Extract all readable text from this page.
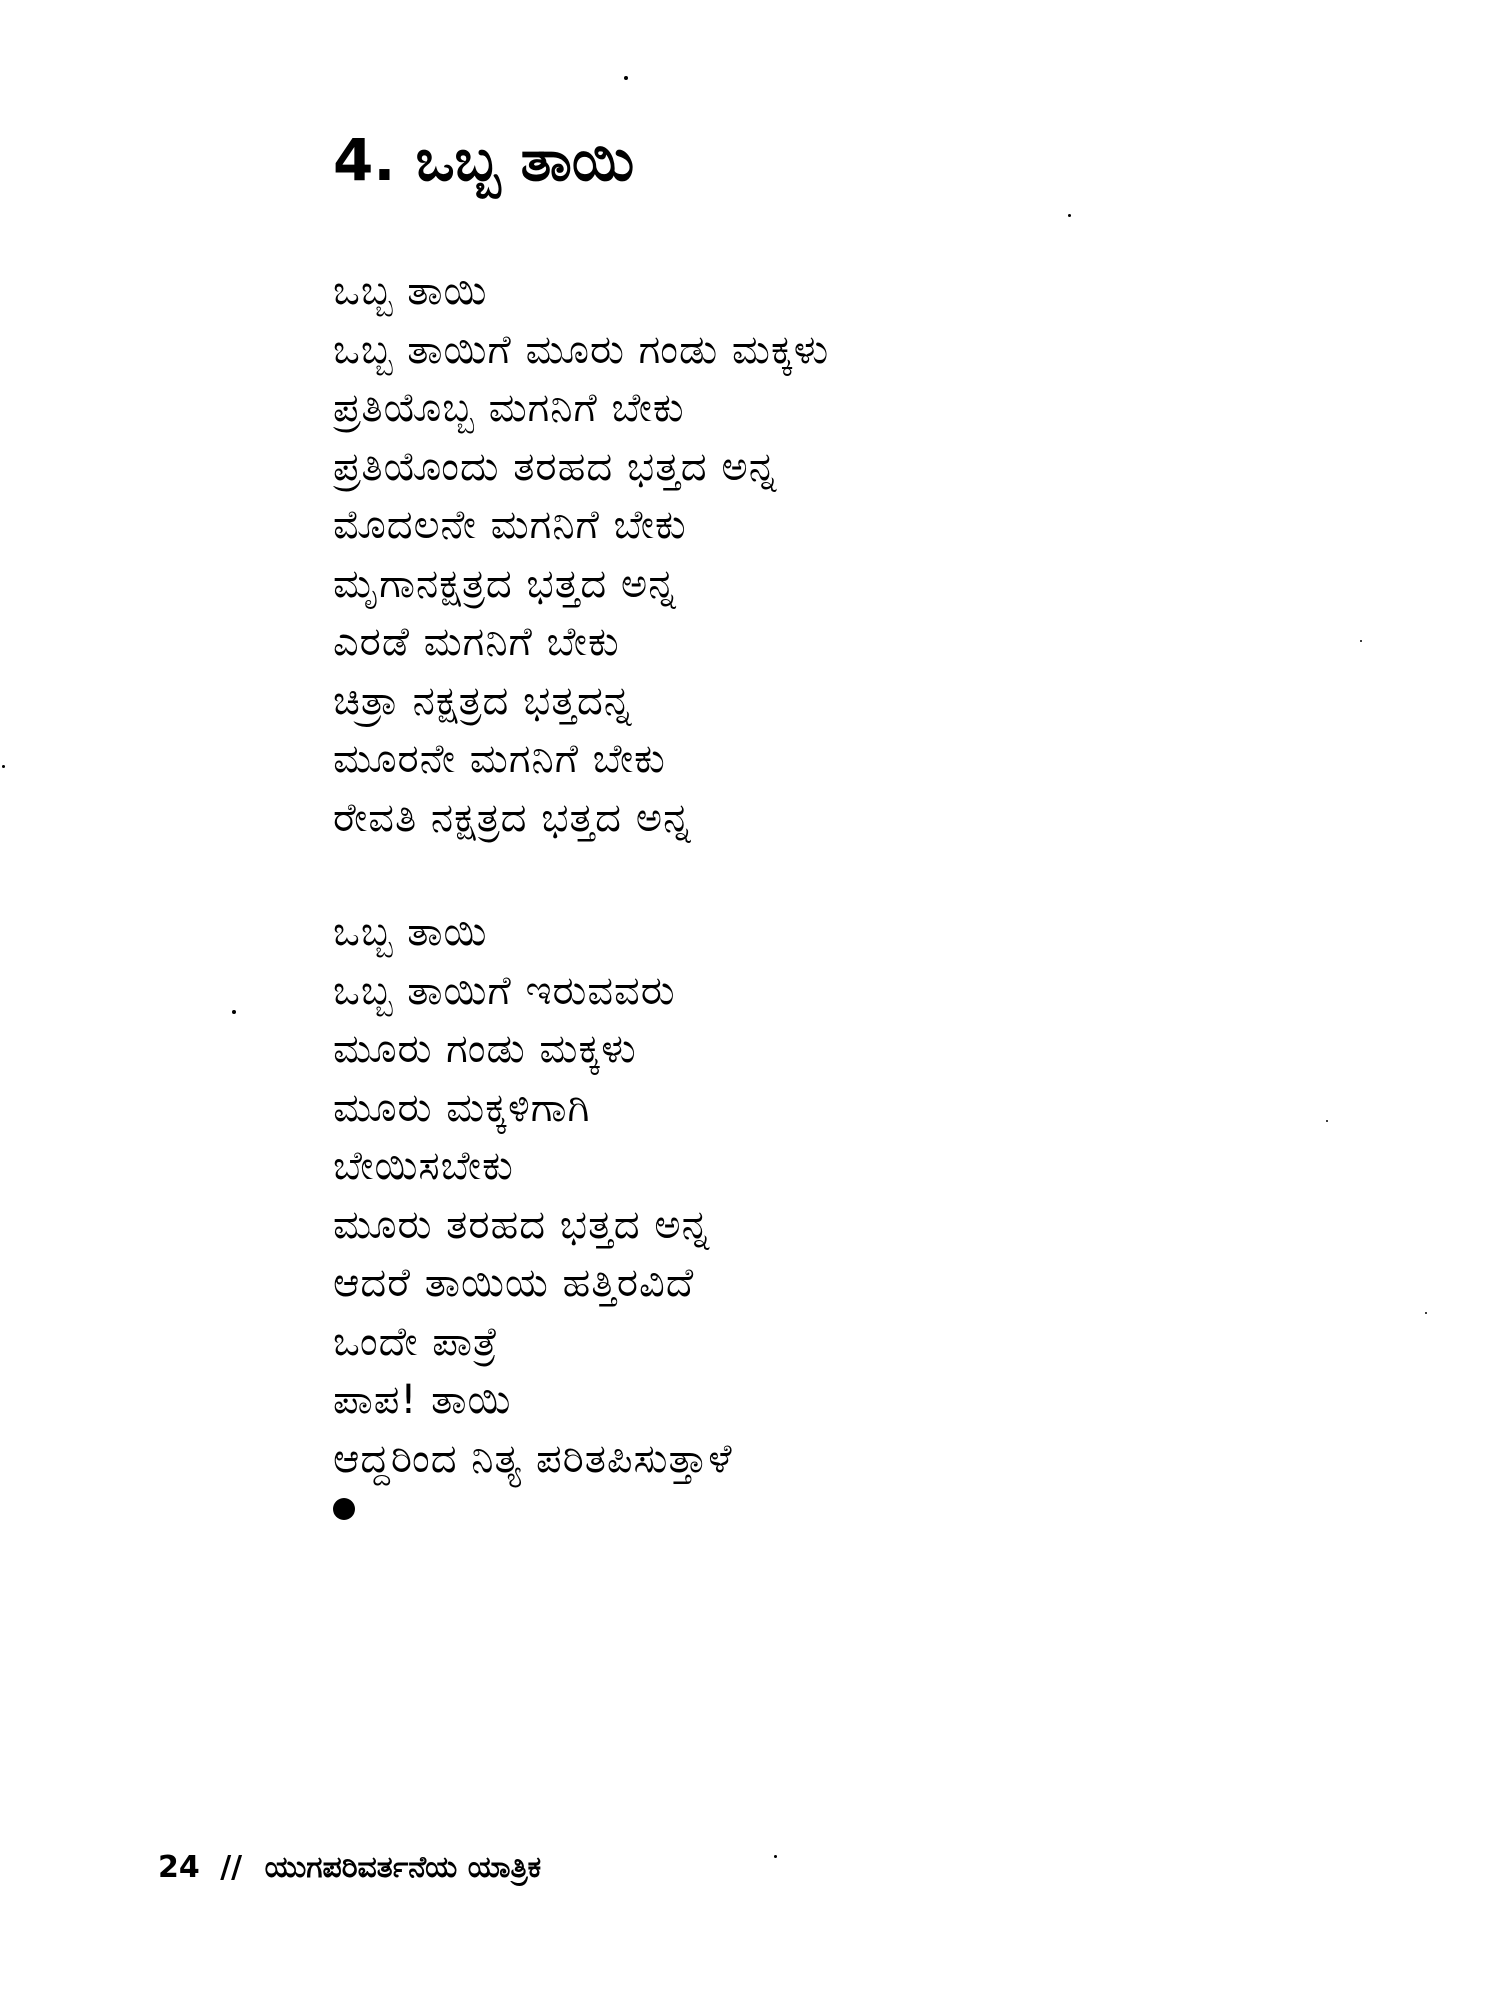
4. ಒಬ್ಬ ತಾಯಿ
ಒಬ್ಬ ತಾಯಿ
ಒಬ್ಬ ತಾಯಿಗೆ ಮೂರು ಗಂಡು ಮಕ್ಕಳು
ಪ್ರತಿಯೊಬ್ಬ ಮಗನಿಗೆ ಬೇಕು
ಪ್ರತಿಯೊಂದು ತರಹದ ಭತ್ತದ ಅನ್ನ
ಮೊದಲನೇ ಮಗನಿಗೆ ಬೇಕು
ಮೃಗಾನಕ್ಷತ್ರದ ಭತ್ತದ ಅನ್ನ
ಎರಡೆ ಮಗನಿಗೆ ಬೇಕು
ಚಿತ್ರಾ ನಕ್ಷತ್ರದ ಭತ್ತದನ್ನ
ಮೂರನೇ ಮಗನಿಗೆ ಬೇಕು
ರೇವತಿ ನಕ್ಷತ್ರದ ಭತ್ತದ ಅನ್ನ
ಒಬ್ಬ ತಾಯಿ
ಒಬ್ಬ ತಾಯಿಗೆ ಇರುವವರು
ಮೂರು ಗಂಡು ಮಕ್ಕಳು
ಮೂರು ಮಕ್ಕಳಿಗಾಗಿ
ಬೇಯಿಸಬೇಕು
ಮೂರು ತರಹದ ಭತ್ತದ ಅನ್ನ
ಆದರೆ ತಾಯಿಯ ಹತ್ತಿರವಿದೆ
ಒಂದೇ ಪಾತ್ರೆ
ಪಾಪ! ತಾಯಿ
ಆದ್ದರಿಂದ ನಿತ್ಯ ಪರಿತಪಿಸುತ್ತಾಳೆ
24 // ಯುಗಪರಿವರ್ತನೆಯ ಯಾತ್ರಿಕ
